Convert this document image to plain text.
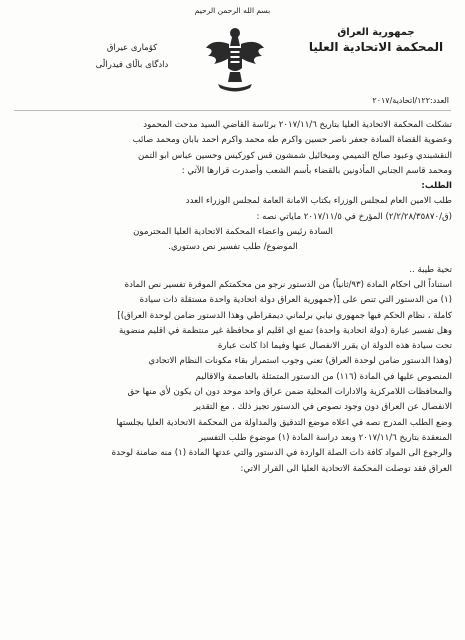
بسم الله الرحمن الرحيم
جمهورية العراق
المحكمة الاتحادية العليا
كۆماری عیراق
دادگای باڵای فیدراڵی
العدد:١٢٢/اتحادية/٢٠١٧

تشكلت المحكمة الاتحادية العليا بتاريخ ٢٠١٧/١١/٦ برئاسة القاضي السيد مدحت المحمود

وعضوية القضاة السادة جعفر ناصر حسين واكرم طه محمد واكرم احمد بابان ومحمد صائب

النقشبندي وعبود صالح التميمي وميخائيل شمشون قس كوركيس وحسين عباس ابو التمن

ومحمد قاسم الجنابي المأذونين بالقضاء بأسم الشعب وأصدرت قرارها الآتي :

الطلب:

طلب الامين العام لمجلس الوزراء بكتاب الامانة العامة لمجلس الوزراء العدد

(ق/٢/٢/٢٨/٣٥٨٧٠) المؤرخ في ٢٠١٧/١١/٥ ماياتي نصه :

السادة رئيس واعضاء المحكمة الاتحادية العليا المحترمون

الموضوع/ طلب تفسير نص دستوري.

تحية طيبة ..

استناداً الى احكام المادة (٩٣/ثانياً) من الدستور نرجو من محكمتكم الموقرة تفسير نص المادة

(١) من الدستور التي تنص على [(جمهورية العراق دولة اتحادية واحدة مستقلة ذات سيادة

كاملة ، نظام الحكم فيها جمهوري نيابي برلماني ديمقراطي وهذا الدستور ضامن لوحدة العراق)]

وهل تفسير عبارة (دولة اتحادية واحدة) تمنع اي اقليم او محافظة غير منتظمة في اقليم منضوية

تحت سيادة هذه الدولة ان يقرر الانفصال عنها وفيما اذا كانت عبارة

(وهذا الدستور ضامن لوحدة العراق) تعني وجوب استمرار بقاء مكونات النظام الاتحادي

المنصوص عليها في المادة (١١٦) من الدستور المتمثلة بالعاصمة والاقاليم

والمحافظات اللامركزية والادارات المحلية ضمن عراق واحد موحد دون ان يكون لأي منها حق

الانفصال عن العراق دون وجود نصوص في الدستور تجيز ذلك . مع التقدير

وضع الطلب المدرج نصه في اعلاه موضع التدقيق والمداولة من المحكمة الاتحادية العليا بجلستها

المنعقدة بتاريخ ٢٠١٧/١١/٦ وبعد دراسة المادة (١) موضوع طلب التفسير

والرجوع الى المواد كافة ذات الصلة الواردة في الدستور والتي عدتها المادة (١) منه ضامنة لوحدة

العراق فقد توصلت المحكمة الاتحادية العليا الى القرار الاتي:
